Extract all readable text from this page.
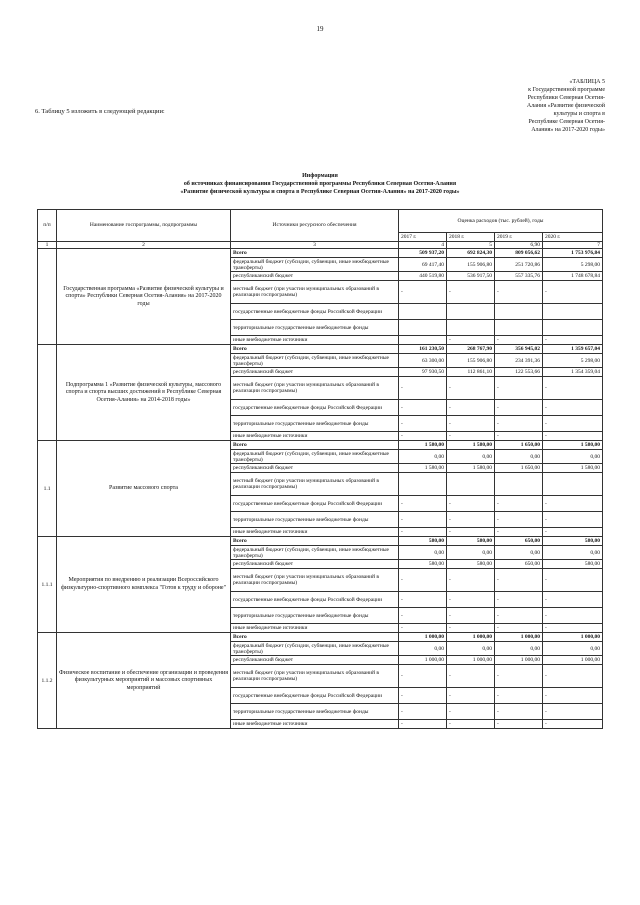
19
6. Таблицу 5 изложить в следующей редакции:
«ТАБЛИЦА 5
к Государственной программе
Республики Северная Осетия-
Алания «Развитие физической
культуры и спорта в
Республике Северная Осетия-
Алания» на 2017-2020 годы»
Информация
об источниках финансирования Государственной программы Республики Северная Осетия-Алания
«Развитие физической культуры и спорта в Республике Северная Осетия-Алания» на 2017-2020 годы»
п/п	Наименование госпрограммы, подпрограммы	Источники ресурсного обеспечения	Оценка расходов (тыс. рублей), годы			
			2017 г.	2018 г.	2019 г.	2020 г.
1	2	3	4	5	6,90	7
	Государственная программа «Развитие физической культуры и спорта» Республики Северная Осетия-Алания» на 2017-2020 годы	Всего	509 937,20	692 824,30	809 056,62	1 753 976,84
		федеральный бюджет (субсидии, субвенции, иные межбюджетные трансферты)	69 417,40	155 906,80	251 720,86	5 298,00
		республиканский бюджет	440 519,80	536 917,50	557 335,76	1 748 678,84
		местный бюджет (при участии муниципальных образований в реализации госпрограммы)	-	-	-	-
		государственные внебюджетные фонды Российской Федерации				
		территориальные государственные внебюджетные фонды				
		иные внебюджетные источники		-	-	-
	Подпрограмма 1 «Развитие физической культуры, массового спорта и спорта высших достижений в Республике Северная Осетия-Алания» на 2014-2018 годы»	Всего	161 230,50	268 767,90	356 945,02	1 359 657,04
		федеральный бюджет (субсидии, субвенции, иные межбюджетные трансферты)	63 300,00	155 906,80	234 391,36	5 298,00
		республиканский бюджет	97 930,50	112 861,10	122 553,66	1 354 359,04
		местный бюджет (при участии муниципальных образований в реализации госпрограммы)	-	-	-	-
		государственные внебюджетные фонды Российской Федерации	-	-	-	-
		территориальные государственные внебюджетные фонды	-	-	-	-
		иные внебюджетные источники	-	-	-	-
1.1	Развитие массового спорта	Всего	1 580,00	1 580,00	1 650,00	1 580,00
		федеральный бюджет (субсидии, субвенции, иные межбюджетные трансферты)	0,00	0,00	0,00	0,00
		республиканский бюджет	1 580,00	1 580,00	1 650,00	1 580,00
		местный бюджет (при участии муниципальных образований в реализации госпрограммы)				
		государственные внебюджетные фонды Российской Федерации	-	-	-	-
		территориальные государственные внебюджетные фонды	-	-	-	-
		иные внебюджетные источники	-	-	-	-
1.1.1	Мероприятия по внедрению и реализации Всероссийского физкультурно-спортивного комплекса "Готов к труду и обороне"	Всего	580,00	580,00	650,00	580,00
		федеральный бюджет (субсидии, субвенции, иные межбюджетные трансферты)	0,00	0,00	0,00	0,00
		республиканский бюджет	580,00	580,00	650,00	580,00
		местный бюджет (при участии муниципальных образований в реализации госпрограммы)	-	-	-	-
		государственные внебюджетные фонды Российской Федерации	-	-	-	-
		территориальные государственные внебюджетные фонды	-	-	-	-
		иные внебюджетные источники	-	-	-	-
1.1.2	Физическое воспитание и обеспечение организации и проведения физкультурных мероприятий и массовых спортивных мероприятий	Всего	1 000,00	1 000,00	1 000,00	1 000,00
		федеральный бюджет (субсидии, субвенции, иные межбюджетные трансферты)	0,00	0,00	0,00	0,00
		республиканский бюджет	1 000,00	1 000,00	1 000,00	1 000,00
		местный бюджет (при участии муниципальных образований в реализации госпрограммы)	-	-	-	-
		государственные внебюджетные фонды Российской Федерации	-	-	-	-
		территориальные государственные внебюджетные фонды	-	-	-	-
		иные внебюджетные источники	-	-	-	-
